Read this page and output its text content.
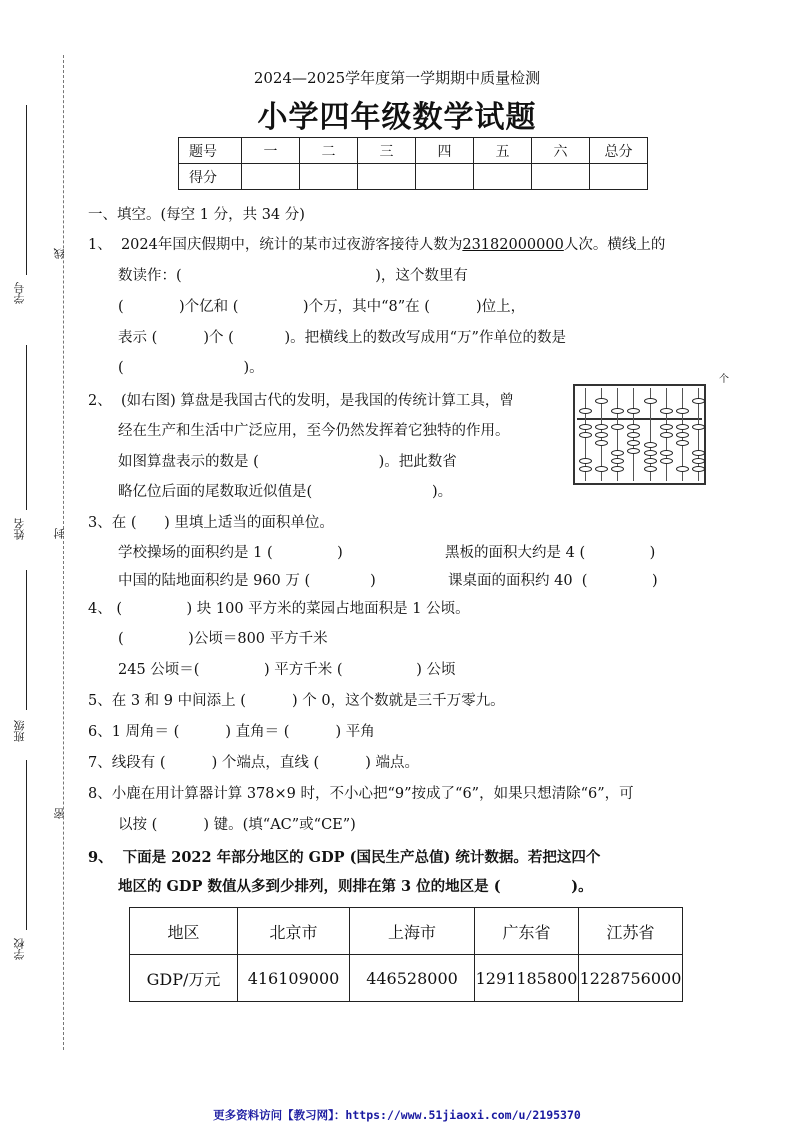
学号
姓名
班级
学校
线
封
密
2024—2025学年度第一学期期中质量检测
小学四年级数学试题
题号	一	二	三	四	五	六	总分
得分							
一、填空。(每空 1 分，共 34 分)
1、  2024年国庆假期中，统计的某市过夜游客接待人数为23182000000人次。横线上的
数读作：(                                          )，这个数里有
(            )个亿和 (              )个万，其中“8”在 (          )位上，
表示 (          )个 (           )。把横线上的数改写成用“万”作单位的数是
(                          )。
2、  (如右图) 算盘是我国古代的发明，是我国的传统计算工具，曾
经在生产和生活中广泛应用，至今仍然发挥着它独特的作用。
如图算盘表示的数是 (                          )。把此数省
略亿位后面的尾数取近似值是(                          )。
个
3、在 (      ) 里填上适当的面积单位。
学校操场的面积约是 1 (              )	黑板的面积大约是 4 (              )
中国的陆地面积约是 960 万 (             )	课桌面的面积约 40  (              )
4、 (              ) 块 100 平方米的菜园占地面积是 1 公顷。
(              )公顷＝800 平方千米
245 公顷＝(              ) 平方千米 (                ) 公顷
5、在 3 和 9 中间添上 (          ) 个 0，这个数就是三千万零九。
6、1 周角＝ (          ) 直角＝ (          ) 平角
7、线段有 (          ) 个端点，直线 (          ) 端点。
8、小鹿在用计算器计算 378×9 时，不小心把“9”按成了“6”，如果只想清除“6”，可
以按 (          ) 键。(填“AC”或“CE”)
9、  下面是 2022 年部分地区的 GDP (国民生产总值) 统计数据。若把这四个
地区的 GDP 数值从多到少排列，则排在第 3 位的地区是 (              )。
地区	北京市	上海市	广东省	江苏省
GDP/万元	416109000	446528000	1291185800	1228756000
更多资料访问【教习网】：https://www.51jiaoxi.com/u/2195370
